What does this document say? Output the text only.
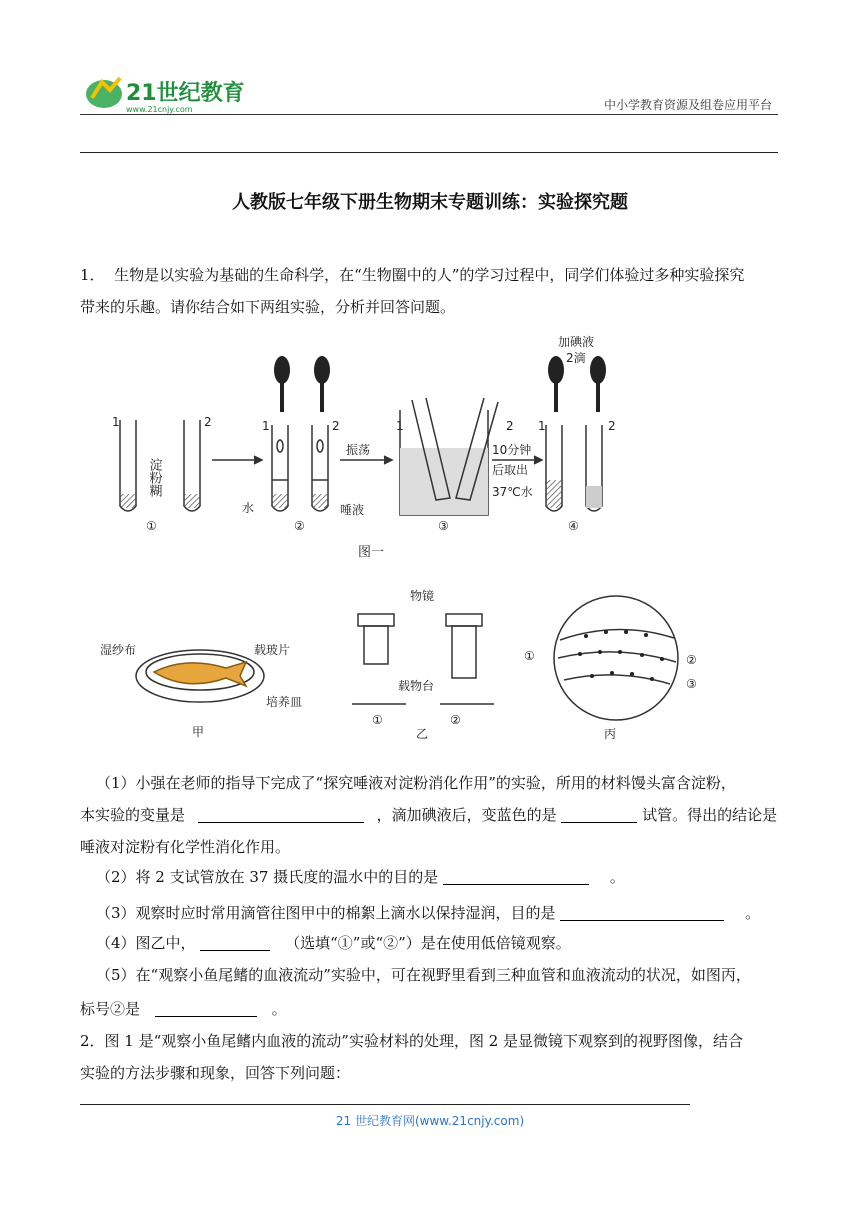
21世纪教育
www.21cnjy.com	中小学教育资源及组卷应用平台
人教版七年级下册生物期末专题训练：实验探究题
1． 生物是以实验为基础的生命科学，在“生物圈中的人”的学习过程中，同学们体验过多种实验探究
带来的乐趣。请你结合如下两组实验，分析并回答问题。
1	2
淀粉糊
①
1	2
水	唾液
②
振荡
1	2
③
10分钟
后取出
37℃水
加碘液
2滴
1	2
④
图一
湿纱布	载玻片
培养皿
甲
物镜
载物台
①	②
乙
①	②
③
丙
（1）小强在老师的指导下完成了“探究唾液对淀粉消化作用”的实验，所用的材料馒头富含淀粉，
本实验的变量是	，滴加碘液后，变蓝色的是	试管。得出的结论是
唾液对淀粉有化学性消化作用。
（2）将 2 支试管放在 37 摄氏度的温水中的目的是	。
（3）观察时应时常用滴管往图甲中的棉絮上滴水以保持湿润，目的是	。
（4）图乙中，	（选填“①”或“②”）是在使用低倍镜观察。
（5）在“观察小鱼尾鳍的血液流动”实验中，可在视野里看到三种血管和血液流动的状况，如图丙，
标号②是	。
2．图 1 是“观察小鱼尾鳍内血液的流动”实验材料的处理，图 2 是显微镜下观察到的视野图像，结合
实验的方法步骤和现象，回答下列问题：
21 世纪教育网(www.21cnjy.com)
